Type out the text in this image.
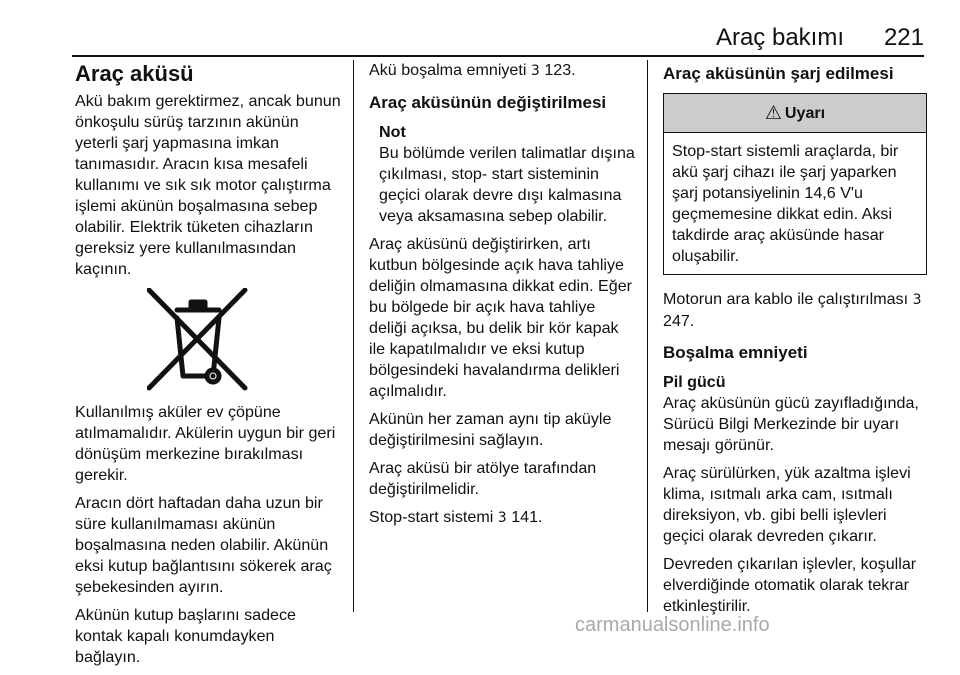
Araç bakımı 221
Araç aküsü

Akü bakım gerektirmez, ancak bunun önkoşulu sürüş tarzının akünün yeterli şarj yapmasına imkan tanımasıdır. Aracın kısa mesafeli kullanımı ve sık sık motor çalıştırma işlemi akünün boşalmasına sebep olabilir. Elektrik tüketen cihazların gereksiz yere kullanılmasından kaçının.

Kullanılmış aküler ev çöpüne atılmamalıdır. Akülerin uygun bir geri dönüşüm merkezine bırakılması gerekir.

Aracın dört haftadan daha uzun bir süre kullanılmaması akünün boşalmasına neden olabilir. Akünün eksi kutup bağlantısını sökerek araç şebekesinden ayırın.

Akünün kutup başlarını sadece kontak kapalı konumdayken bağlayın.

Akü boşalma emniyeti 3 123.

Araç aküsünün değiştirilmesi
Not
Bu bölümde verilen talimatlar dışına çıkılması, stop- start sisteminin geçici olarak devre dışı kalmasına veya aksamasına sebep olabilir.

Araç aküsünü değiştirirken, artı kutbun bölgesinde açık hava tahliye deliğin olmamasına dikkat edin. Eğer bu bölgede bir açık hava tahliye deliği açıksa, bu delik bir kör kapak ile kapatılmalıdır ve eksi kutup bölgesindeki havalandırma delikleri açılmalıdır.

Akünün her zaman aynı tip aküyle değiştirilmesini sağlayın.

Araç aküsü bir atölye tarafından değiştirilmelidir.

Stop-start sistemi 3 141.

Araç aküsünün şarj edilmesi
⚠ Uyarı

Stop-start sistemli araçlarda, bir akü şarj cihazı ile şarj yaparken şarj potansiyelinin 14,6 V'u geçmemesine dikkat edin. Aksi takdirde araç aküsünde hasar oluşabilir.

Motorun ara kablo ile çalıştırılması 3 247.

Boşalma emniyeti
Pil gücü

Araç aküsünün gücü zayıfladığında, Sürücü Bilgi Merkezinde bir uyarı mesajı görünür.

Araç sürülürken, yük azaltma işlevi klima, ısıtmalı arka cam, ısıtmalı direksiyon, vb. gibi belli işlevleri geçici olarak devreden çıkarır.

Devreden çıkarılan işlevler, koşullar elverdiğinde otomatik olarak tekrar etkinleştirilir.

carmanualsonline.info
